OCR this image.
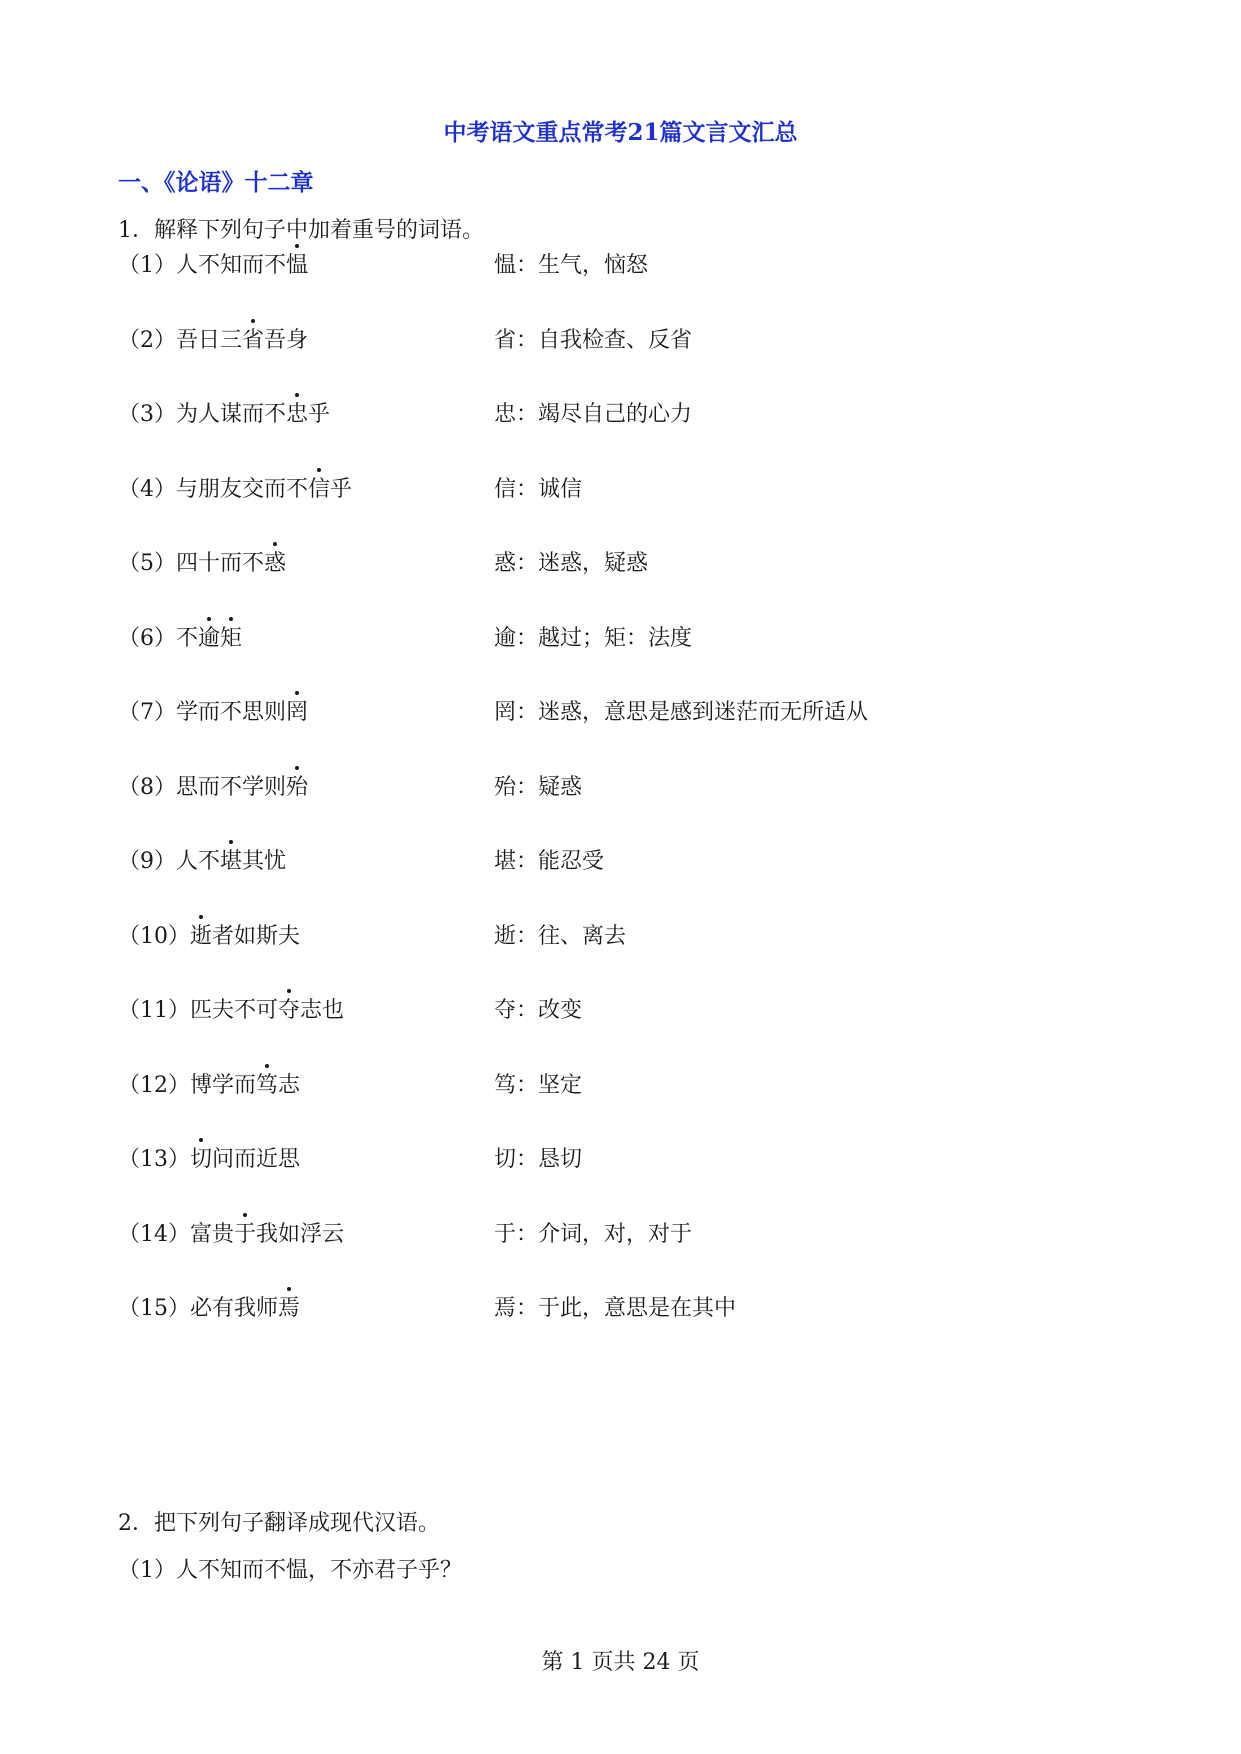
中考语文重点常考21篇文言文汇总
一、《论语》十二章
1．解释下列句子中加着重号的词语。
（1）人不知而不愠	愠：生气，恼怒
（2）吾日三省吾身	省：自我检查、反省
（3）为人谋而不忠乎	忠：竭尽自己的心力
（4）与朋友交而不信乎	信：诚信
（5）四十而不惑	惑：迷惑，疑惑
（6）不逾矩	逾：越过；矩：法度
（7）学而不思则罔	罔：迷惑，意思是感到迷茫而无所适从
（8）思而不学则殆	殆：疑惑
（9）人不堪其忧	堪：能忍受
（10）逝者如斯夫	逝：往、离去
（11）匹夫不可夺志也	夺：改变
（12）博学而笃志	笃：坚定
（13）切问而近思	切：恳切
（14）富贵于我如浮云	于：介词，对，对于
（15）必有我师焉	焉：于此，意思是在其中
2．把下列句子翻译成现代汉语。
（1）人不知而不愠，不亦君子乎？
第 1 页共 24 页
